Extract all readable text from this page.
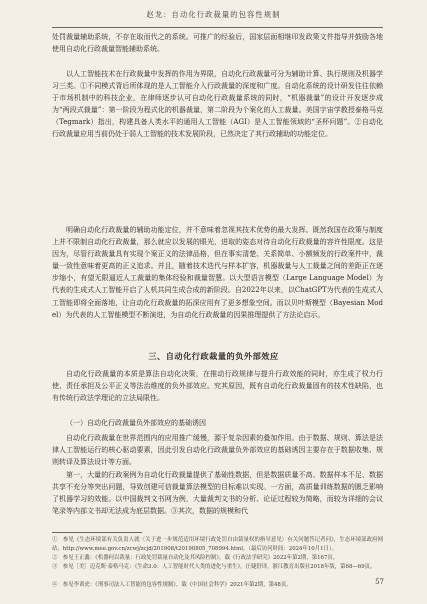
赵龙：自动化行政裁量的包容性规制

处罚裁量辅助系统，不存在取而代之的系统。可推广的经验后，国家层面相继印发政策文件指导并鼓励各地使用自动化行政裁量智能辅助系统。

以人工智能技术在行政裁量中发挥的作用为界限，自动化行政裁量可分为辅助计算、执行规则及机器学习三类。①不同模式背后所体现的是人工智能介入行政裁量的深度和广度。自动化系统的设计研发往往依赖于市场机制中的科技企业，在律师逐步认可自动化行政裁量系统的同时，“机器裁量”的设计开发逐步成为“两段式裁量”：第一阶段为程式化的机器裁量，第二阶段为个案化的人工裁量。美国宇宙学教授泰格马克（Tegmark）指出，构建具备人类水平的通用人工智能（AGI）是人工智能领域的“圣杯问题”。②自动化行政裁量应用当前仍处于弱人工智能的技术发展阶段，已然决定了其行政辅助的功能定位。

明确自动化行政裁量的辅助功能定位，并不意味着忽视其技术优势的最大发挥。既然我国在政策与制度上并不限制自动化行政裁量，那么就应以发展的眼光，进取的姿态对待自动化行政裁量的容许性限度。这是因为，尽管行政裁量具有实现个案正义的法律品格，但在事实清楚、关系简单、小额频发的行政案件中，裁量一致性意味着更高的正义追求。并且，随着技术迭代与样本扩容，机器裁量与人工裁量之间的差距正在逐步缩小，有望无限逼近人工裁量的集体经验和裁量智慧。以大型语言模型（Large Language Model）为代表的生成式人工智能开启了人机共同生成合成的新阶段。自2022年以来，以ChatGPT为代表的生成式人工智能即将全面落地，让自动化行政裁量的拓深应用有了更多想象空间。而以贝叶斯模型（Bayesian Model）为代表的人工智能模型不断演进，为自动化行政裁量的因果推理提供了方法论启示。

三、自动化行政裁量的负外部效应

自动化行政裁量的本质是算法自动化决策，在推动行政规律与提升行政效能的同时，亦生成了权力行使、责任承担及公平正义等法治维度的负外部效应。究其原因，既有自动化行政裁量固有的技术性缺陷，也有传统行政法学理论的立法局限性。

（一）自动化行政裁量负外部效应的基础诱因

自动化行政裁量在世界范围内的应用推广缓慢，源于复杂因素的叠加作用。由于数据、规则、算法是法律人工智能运行的核心驱动要素，因此引发自动化行政裁量负外部效应的基础诱因主要存在于数据收集、规则转译及算法设计等方面。

第一，大量的行政案例为自动化行政裁量提供了基础性数据，但是数据质量不高、数据样本不足、数据共享不充分等突出问题，导致创建可信裁量算法模型的目标难以实现。一方面，高质量训练数据的匮乏影响了机器学习的效能。以中国裁判文书网为例，大量裁判文书的分析、论证过程较为简略，而较为详细的会议笔录等内部文书却无法成为底层数据。③其次，数据的规模和代

①　参见《生态环境部有关负责人就〈关于进一步规范适用环境行政处罚自由裁量权的指导意见〉有关问题答记者问》，生态环境部政府网站，http://www.mee.gov.cn/zcwj/zcjd/201908/t20190805_708994.html，（最后访问时间：2024年10月1日）。

②　参见王正鑫：《机器何以裁量：行政处罚裁量自动化及其风险控制》，载《行政法学研究》2022年第2期，第167页。

③　参见［美］迈克斯·泰格马克：《生命3.0：人工智能时代人类的进化与重生》，汪婕舒译，浙江教育出版社2018年版，第68—69页。

④　参见李训虎：《刑事司法人工智能的包容性规制》，载《中国社会科学》2021年第2期，第48页。	57
